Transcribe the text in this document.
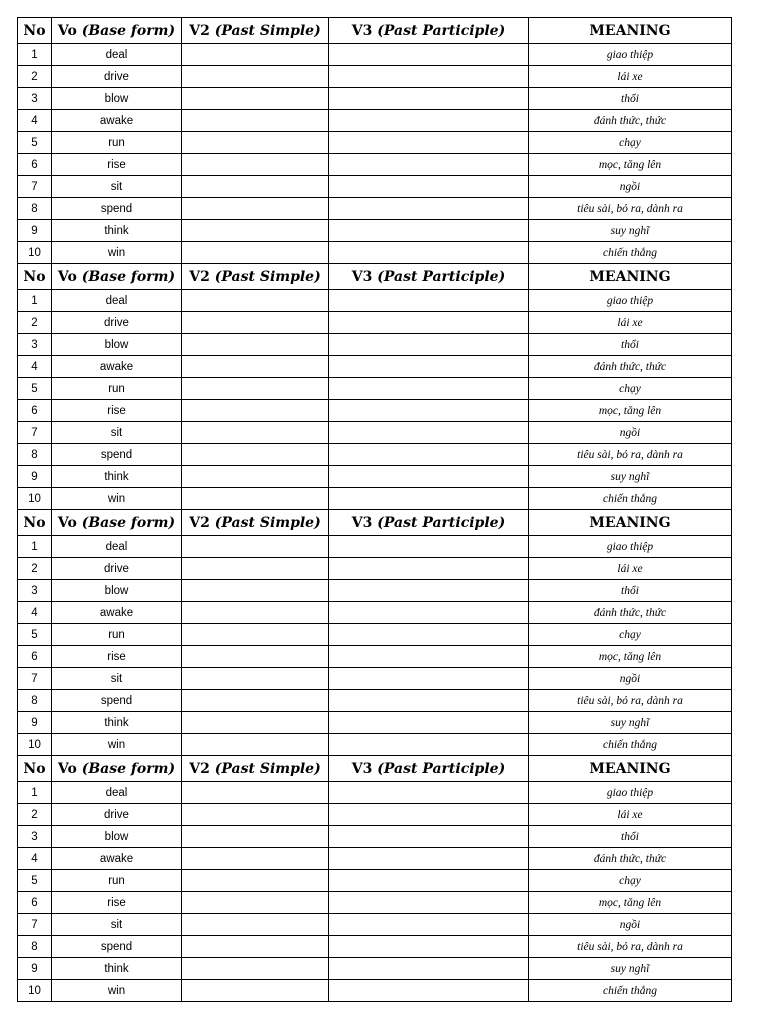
No	Vo (Base form)	V2 (Past Simple)	V3 (Past Participle)	MEANING
1	deal			giao thiệp
2	drive			lái xe
3	blow			thổi
4	awake			đánh thức, thức
5	run			chạy
6	rise			mọc, tăng lên
7	sit			ngồi
8	spend			tiêu sài, bỏ ra, dành ra
9	think			suy nghĩ
10	win			chiến thắng
No	Vo (Base form)	V2 (Past Simple)	V3 (Past Participle)	MEANING
1	deal			giao thiệp
2	drive			lái xe
3	blow			thổi
4	awake			đánh thức, thức
5	run			chạy
6	rise			mọc, tăng lên
7	sit			ngồi
8	spend			tiêu sài, bỏ ra, dành ra
9	think			suy nghĩ
10	win			chiến thắng
No	Vo (Base form)	V2 (Past Simple)	V3 (Past Participle)	MEANING
1	deal			giao thiệp
2	drive			lái xe
3	blow			thổi
4	awake			đánh thức, thức
5	run			chạy
6	rise			mọc, tăng lên
7	sit			ngồi
8	spend			tiêu sài, bỏ ra, dành ra
9	think			suy nghĩ
10	win			chiến thắng
No	Vo (Base form)	V2 (Past Simple)	V3 (Past Participle)	MEANING
1	deal			giao thiệp
2	drive			lái xe
3	blow			thổi
4	awake			đánh thức, thức
5	run			chạy
6	rise			mọc, tăng lên
7	sit			ngồi
8	spend			tiêu sài, bỏ ra, dành ra
9	think			suy nghĩ
10	win			chiến thắng
